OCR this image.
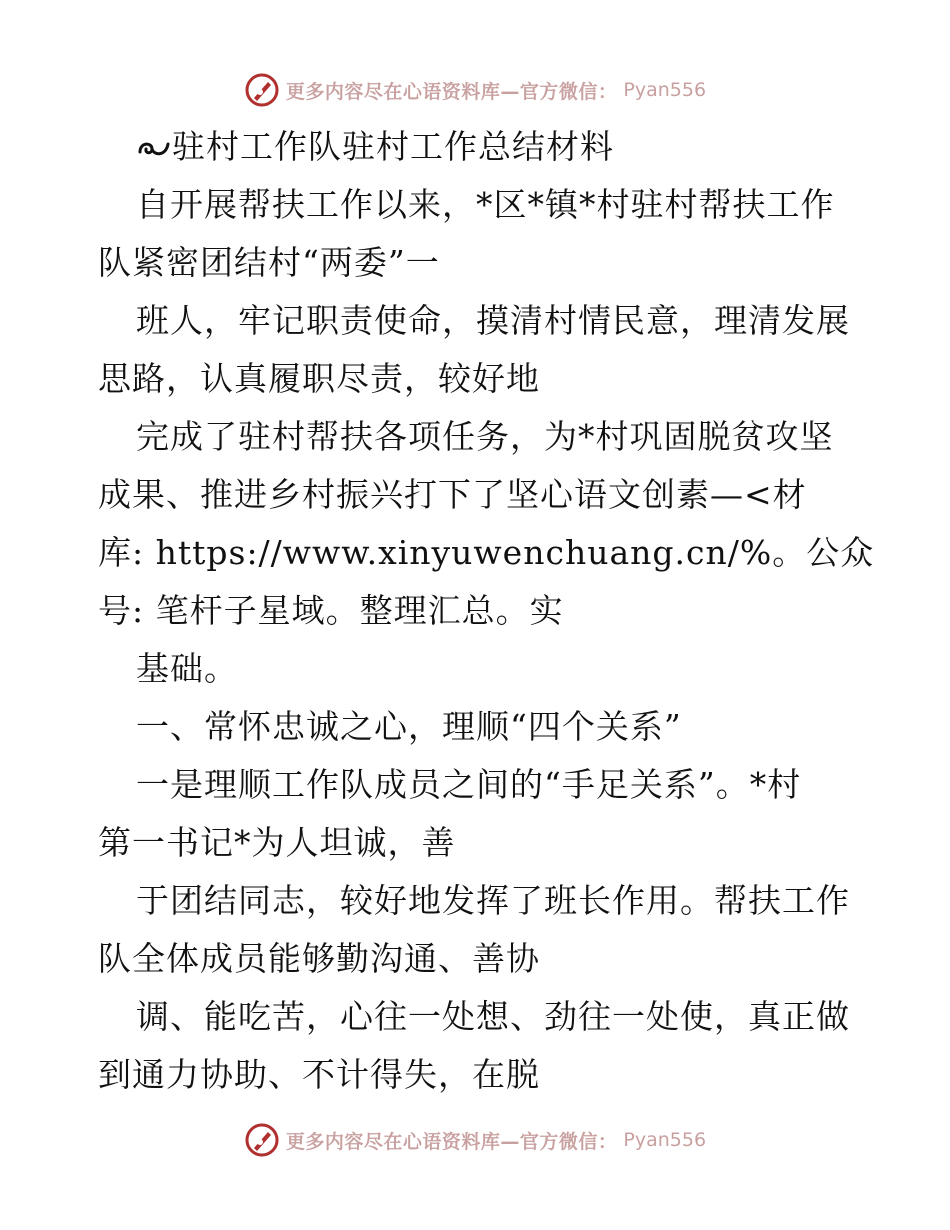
更多内容尽在心语资料库—官方微信： Pyan556
驻村工作队驻村工作总结材料
自开展帮扶工作以来，*区*镇*村驻村帮扶工作
队紧密团结村“两委”一
班人，牢记职责使命，摸清村情民意，理清发展
思路，认真履职尽责，较好地
完成了驻村帮扶各项任务，为*村巩固脱贫攻坚
成果、推进乡村振兴打下了坚心语文创素—<材
库: https://www.xinyuwenchuang.cn/%。公众
号: 笔杆子星域。整理汇总。实
基础。
一、常怀忠诚之心，理顺“四个关系”
一是理顺工作队成员之间的“手足关系”。*村
第一书记*为人坦诚，善
于团结同志，较好地发挥了班长作用。帮扶工作
队全体成员能够勤沟通、善协
调、能吃苦，心往一处想、劲往一处使，真正做
到通力协助、不计得失，在脱
更多内容尽在心语资料库—官方微信： Pyan556
